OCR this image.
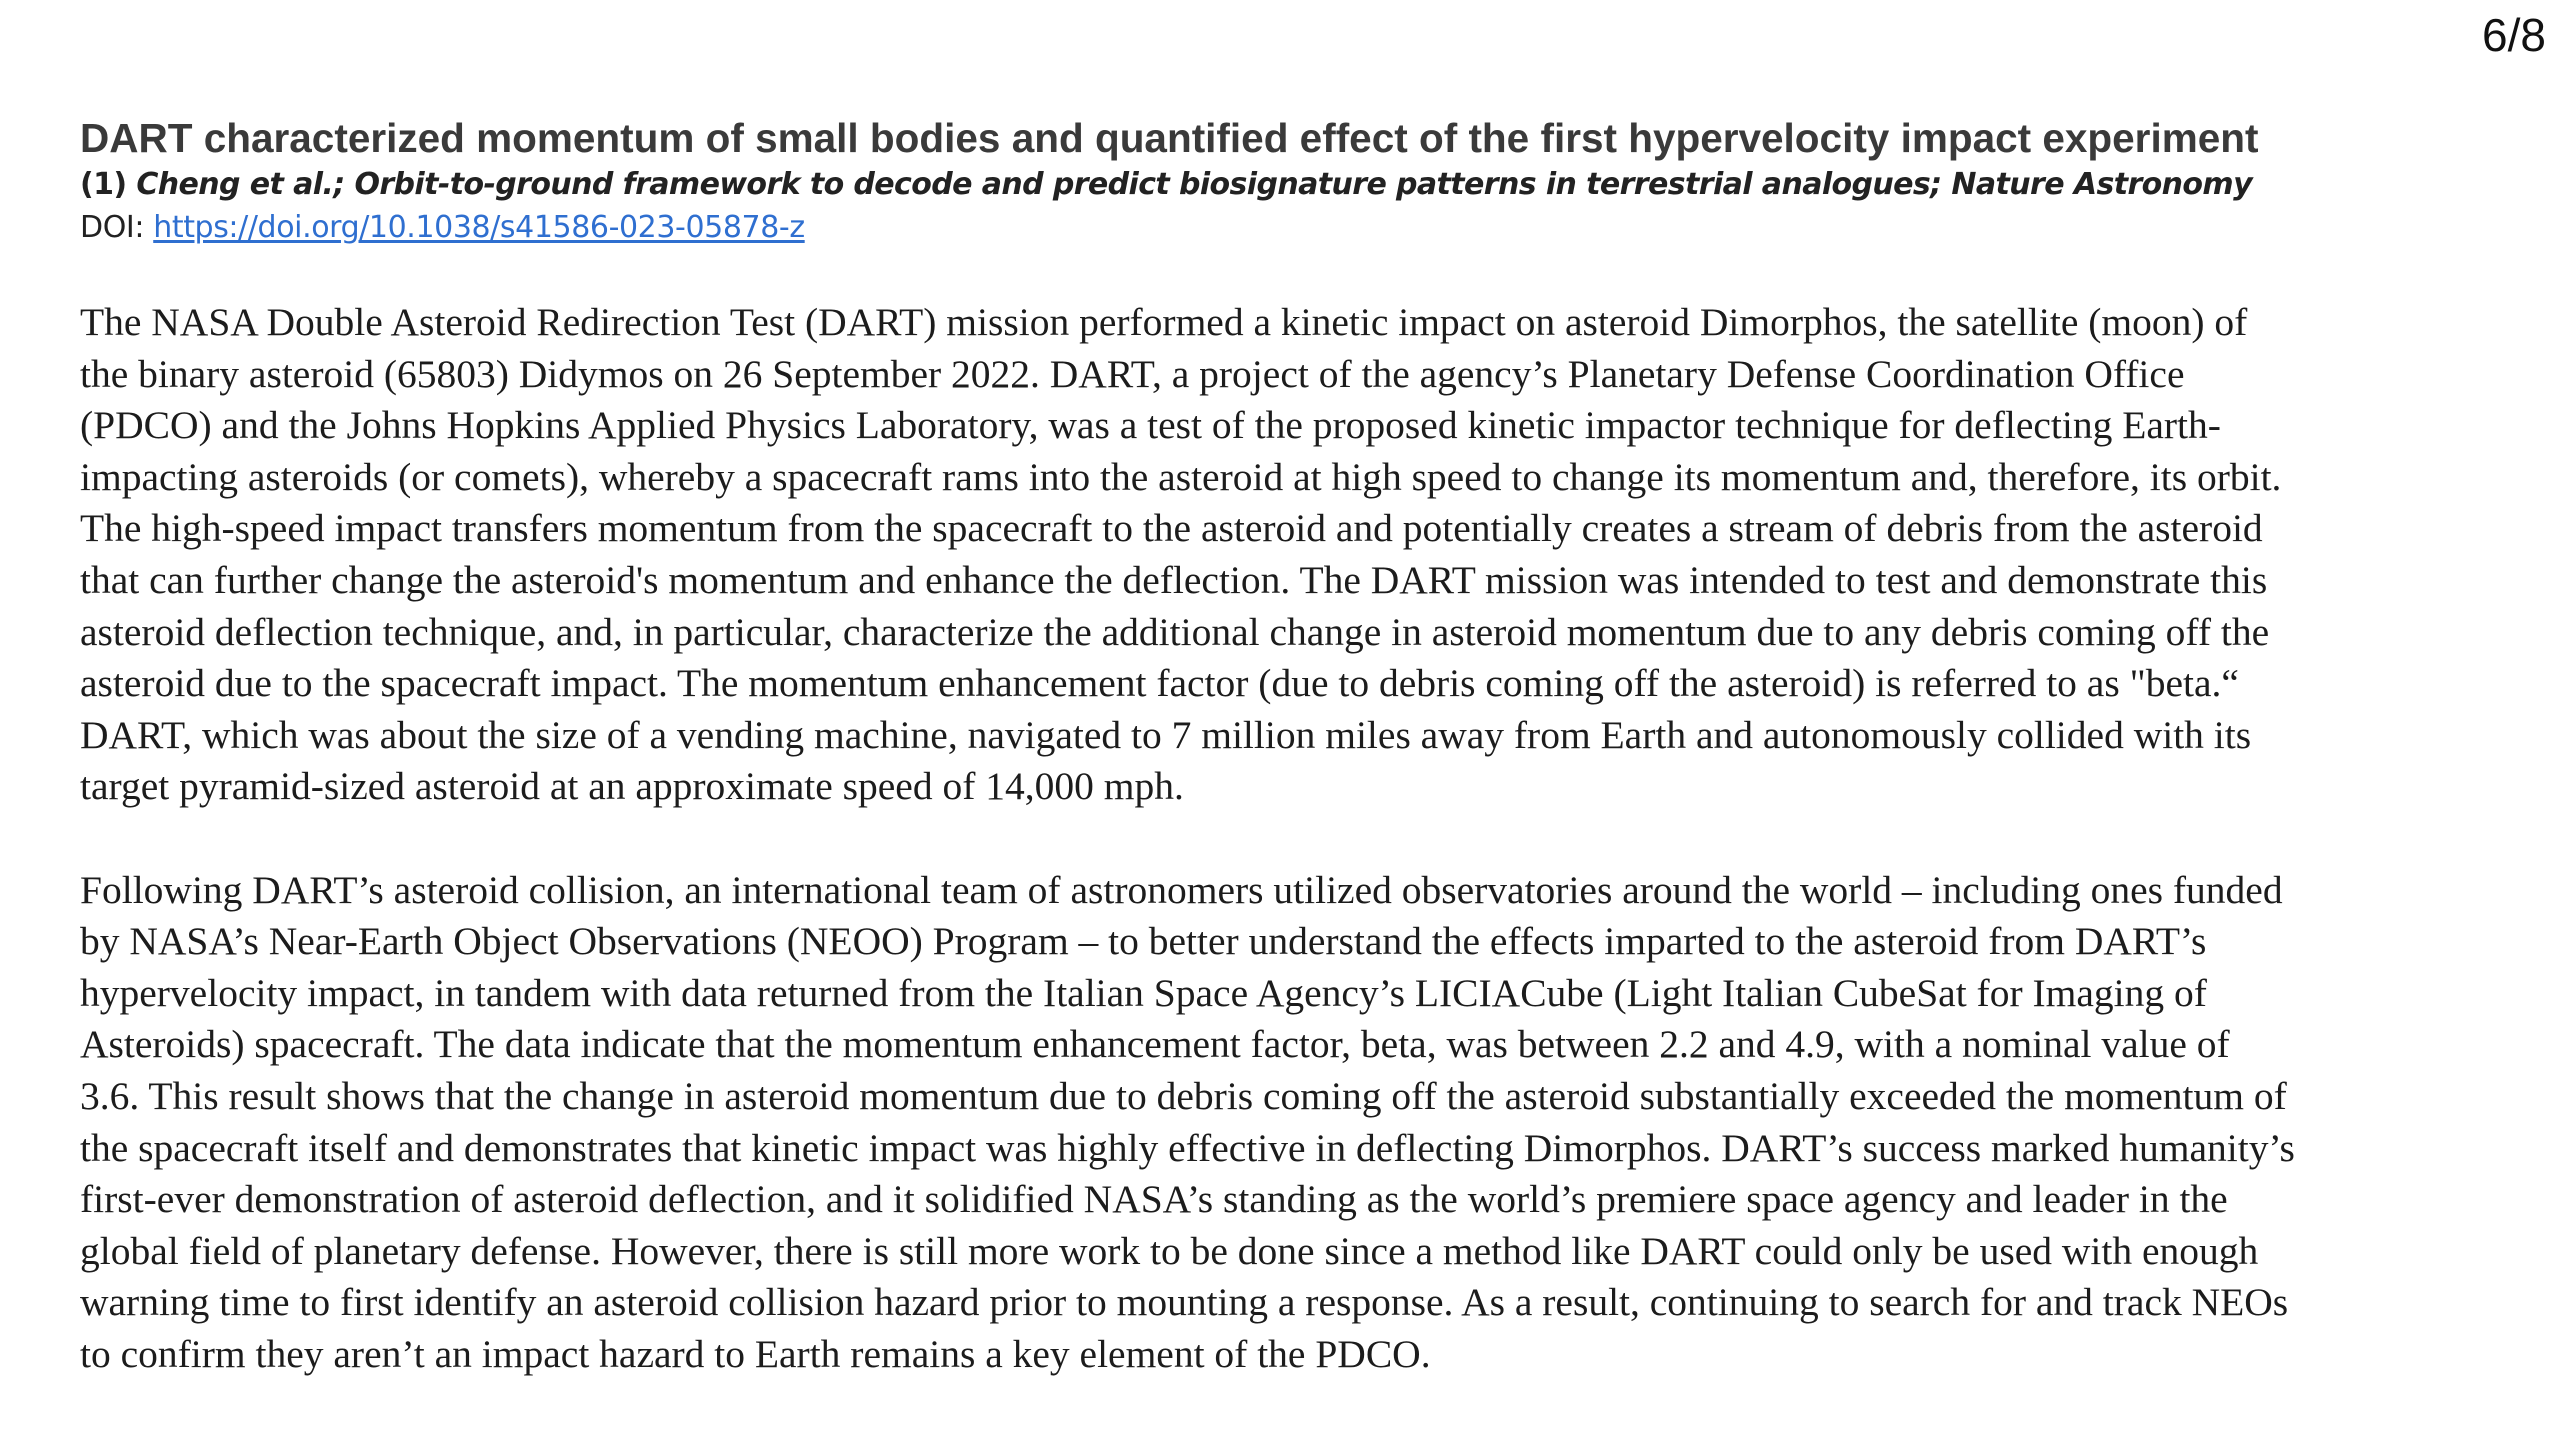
6/8
DART characterized momentum of small bodies and quantified effect of the first hypervelocity impact experiment

(1) Cheng et al.; Orbit-to-ground framework to decode and predict biosignature patterns in terrestrial analogues; Nature Astronomy

DOI: https://doi.org/10.1038/s41586-023-05878-z

The NASA Double Asteroid Redirection Test (DART) mission performed a kinetic impact on asteroid Dimorphos, the satellite (moon) of
the binary asteroid (65803) Didymos on 26 September 2022. DART, a project of the agency’s Planetary Defense Coordination Office
(PDCO) and the Johns Hopkins Applied Physics Laboratory, was a test of the proposed kinetic impactor technique for deflecting Earth-
impacting asteroids (or comets), whereby a spacecraft rams into the asteroid at high speed to change its momentum and, therefore, its orbit.
The high-speed impact transfers momentum from the spacecraft to the asteroid and potentially creates a stream of debris from the asteroid
that can further change the asteroid's momentum and enhance the deflection. The DART mission was intended to test and demonstrate this
asteroid deflection technique, and, in particular, characterize the additional change in asteroid momentum due to any debris coming off the
asteroid due to the spacecraft impact. The momentum enhancement factor (due to debris coming off the asteroid) is referred to as "beta.“
DART, which was about the size of a vending machine, navigated to 7 million miles away from Earth and autonomously collided with its
target pyramid-sized asteroid at an approximate speed of 14,000 mph.

Following DART’s asteroid collision, an international team of astronomers utilized observatories around the world – including ones funded
by NASA’s Near-Earth Object Observations (NEOO) Program – to better understand the effects imparted to the asteroid from DART’s
hypervelocity impact, in tandem with data returned from the Italian Space Agency’s LICIACube (Light Italian CubeSat for Imaging of
Asteroids) spacecraft. The data indicate that the momentum enhancement factor, beta, was between 2.2 and 4.9, with a nominal value of
3.6. This result shows that the change in asteroid momentum due to debris coming off the asteroid substantially exceeded the momentum of
the spacecraft itself and demonstrates that kinetic impact was highly effective in deflecting Dimorphos. DART’s success marked humanity’s
first-ever demonstration of asteroid deflection, and it solidified NASA’s standing as the world’s premiere space agency and leader in the
global field of planetary defense. However, there is still more work to be done since a method like DART could only be used with enough
warning time to first identify an asteroid collision hazard prior to mounting a response. As a result, continuing to search for and track NEOs
to confirm they aren’t an impact hazard to Earth remains a key element of the PDCO.
